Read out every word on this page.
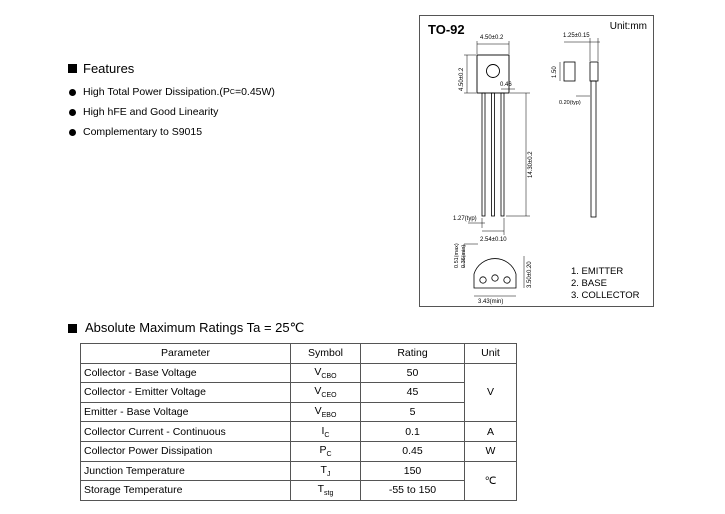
Features
High Total Power Dissipation.(P C =0.45W)
High hFE and Good Linearity
Complementary to S9015
4.50±0.2
4.50±0.2	0.46
14.30±0.2
1.27(typ)
2.54±0.10
1.25±0.15
1.50
0.20(typ)
0.51(max) 0.36(min)
3.50±0.20
3.43(min)
TO-92	Unit:mm
1. EMITTER
2. BASE
3. COLLECTOR
Absolute Maximum Ratings Ta = 25℃
Parameter	Symbol	Rating	Unit
Collector - Base Voltage	$V_{CBO}$	50	V
Collector - Emitter Voltage	$V_{CEO}$	45	
Emitter - Base Voltage	$V_{EBO}$	5	
Collector Current - Continuous	$I_C$	0.1	A
Collector Power Dissipation	$P_C$	0.45	W
Junction Temperature	$T_J$	150	℃
Storage Temperature	$T_{stg}$	-55 to 150	
